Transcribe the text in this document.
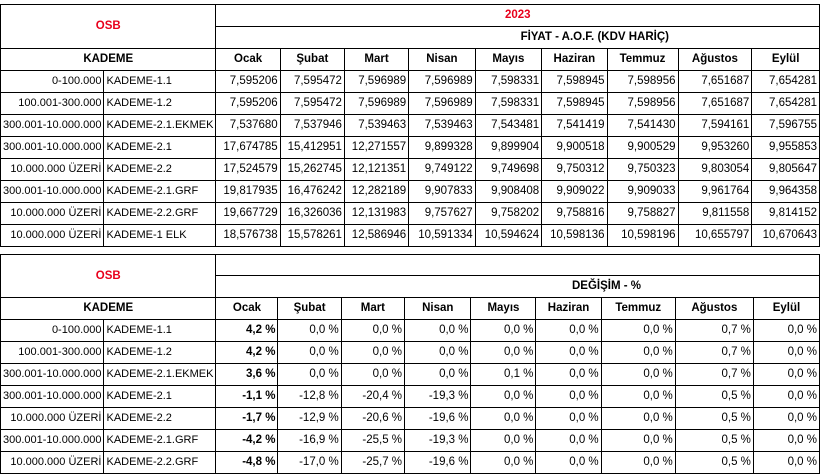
OSB		2023								
		FİYAT - A.O.F. (KDV HARİÇ)								
KADEME		Ocak	Şubat	Mart	Nisan	Mayıs	Haziran	Temmuz	Ağustos	Eylül
0-100.000	KADEME-1.1	7,595206	7,595472	7,596989	7,596989	7,598331	7,598945	7,598956	7,651687	7,654281
100.001-300.000	KADEME-1.2	7,595206	7,595472	7,596989	7,596989	7,598331	7,598945	7,598956	7,651687	7,654281
300.001-10.000.000	KADEME-2.1.EKMEK	7,537680	7,537946	7,539463	7,539463	7,543481	7,541419	7,541430	7,594161	7,596755
300.001-10.000.000	KADEME-2.1	17,674785	15,412951	12,271557	9,899328	9,899904	9,900518	9,900529	9,953260	9,955853
10.000.000 ÜZERİ	KADEME-2.2	17,524579	15,262745	12,121351	9,749122	9,749698	9,750312	9,750323	9,803054	9,805647
300.001-10.000.000	KADEME-2.1.GRF	19,817935	16,476242	12,282189	9,907833	9,908408	9,909022	9,909033	9,961764	9,964358
10.000.000 ÜZERİ	KADEME-2.2.GRF	19,667729	16,326036	12,131983	9,757627	9,758202	9,758816	9,758827	9,811558	9,814152
10.000.000 ÜZERİ	KADEME-1 ELK	18,576738	15,578261	12,586946	10,591334	10,594624	10,598136	10,598196	10,655797	10,670643
OSB										
		DEĞİŞİM - %								
KADEME		Ocak	Şubat	Mart	Nisan	Mayıs	Haziran	Temmuz	Ağustos	Eylül
0-100.000	KADEME-1.1	4,2 %	0,0 %	0,0 %	0,0 %	0,0 %	0,0 %	0,0 %	0,7 %	0,0 %
100.001-300.000	KADEME-1.2	4,2 %	0,0 %	0,0 %	0,0 %	0,0 %	0,0 %	0,0 %	0,7 %	0,0 %
300.001-10.000.000	KADEME-2.1.EKMEK	3,6 %	0,0 %	0,0 %	0,0 %	0,1 %	0,0 %	0,0 %	0,7 %	0,0 %
300.001-10.000.000	KADEME-2.1	-1,1 %	-12,8 %	-20,4 %	-19,3 %	0,0 %	0,0 %	0,0 %	0,5 %	0,0 %
10.000.000 ÜZERİ	KADEME-2.2	-1,7 %	-12,9 %	-20,6 %	-19,6 %	0,0 %	0,0 %	0,0 %	0,5 %	0,0 %
300.001-10.000.000	KADEME-2.1.GRF	-4,2 %	-16,9 %	-25,5 %	-19,3 %	0,0 %	0,0 %	0,0 %	0,5 %	0,0 %
10.000.000 ÜZERİ	KADEME-2.2.GRF	-4,8 %	-17,0 %	-25,7 %	-19,6 %	0,0 %	0,0 %	0,0 %	0,5 %	0,0 %
